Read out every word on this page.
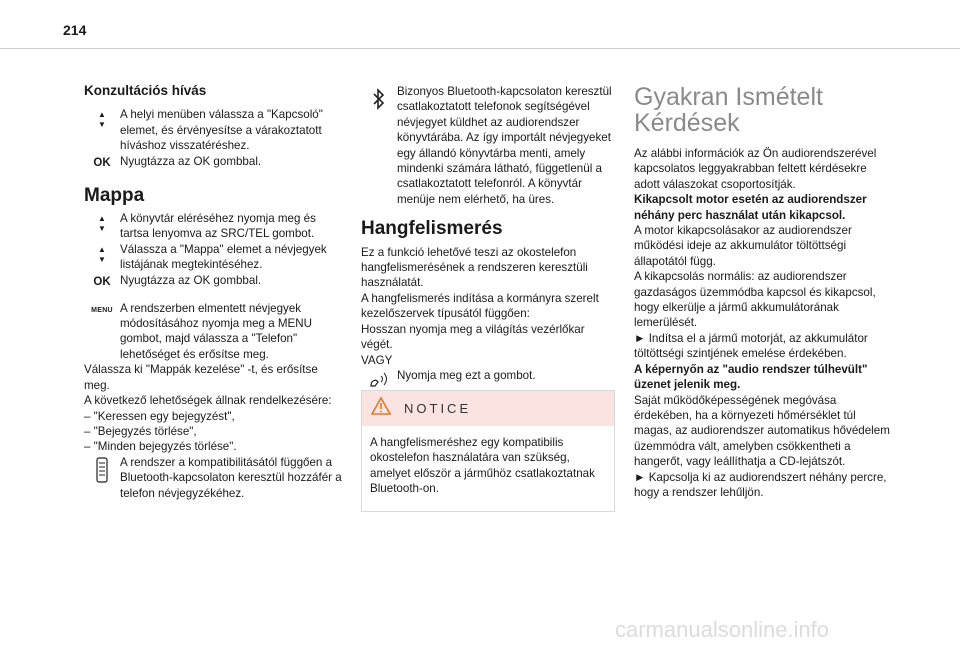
214

Konzultációs hívás

▲
▼
A helyi menüben válassza a "Kapcsoló" elemet, és érvényesítse a várakoztatott híváshoz visszatéréshez.
OK Nyugtázza az OK gombbal.

Mappa

▲
▼
A könyvtár eléréséhez nyomja meg és tartsa lenyomva az SRC/TEL gombot.
▲
▼
Válassza a "Mappa" elemet a névjegyek listájának megtekintéséhez.
OK Nyugtázza az OK gombbal.
MENU A rendszerben elmentett névjegyek módosításához nyomja meg a MENU gombot, majd válassza a "Telefon" lehetőséget és erősítse meg.

Válassza ki "Mappák kezelése" -t, és erősítse meg.

A következő lehetőségek állnak rendelkezésére:

– "Keressen egy bejegyzést",

– "Bejegyzés törlése",

– "Minden bejegyzés törlése".

A rendszer a kompatibilitásától függően a Bluetooth-kapcsolaton keresztül hozzáfér a telefon névjegyzékéhez.
Bizonyos Bluetooth-kapcsolaton keresztül csatlakoztatott telefonok segítségével névjegyet küldhet az audiorendszer könyvtárába. Az így importált névjegyeket egy állandó könyvtárba menti, amely mindenki számára látható, függetlenül a csatlakoztatott telefonról. A könyvtár menüje nem elérhető, ha üres.

Hangfelismerés

Ez a funkció lehetővé teszi az okostelefon hangfelismerésének a rendszeren keresztüli használatát.

A hangfelismerés indítása a kormányra szerelt kezelőszervek típusától függően:

Hosszan nyomja meg a világítás vezérlőkar végét.

VAGY

Nyomja meg ezt a gombot.
NOTICE
A hangfelismeréshez egy kompatibilis okostelefon használatára van szükség, amelyet először a járműhöz csatlakoztatnak Bluetooth-on.

Gyakran Ismételt Kérdések

Az alábbi információk az Ön audiorendszerével kapcsolatos leggyakrabban feltett kérdésekre adott válaszokat csoportosítják.

Kikapcsolt motor esetén az audiorendszer néhány perc használat után kikapcsol.

A motor kikapcsolásakor az audiorendszer működési ideje az akkumulátor töltöttségi állapotától függ.

A kikapcsolás normális: az audiorendszer gazdaságos üzemmódba kapcsol és kikapcsol, hogy elkerülje a jármű akkumulátorának lemerülését.

► Indítsa el a jármű motorját, az akkumulátor töltöttségi szintjének emelése érdekében.

A képernyőn az "audio rendszer túlhevült" üzenet jelenik meg.

Saját működőképességének megóvása érdekében, ha a környezeti hőmérséklet túl magas, az audiorendszer automatikus hővédelem üzemmódra vált, amelyben csökkentheti a hangerőt, vagy leállíthatja a CD-lejátszót.

► Kapcsolja ki az audiorendszert néhány percre, hogy a rendszer lehűljön.

carmanualsonline.info
